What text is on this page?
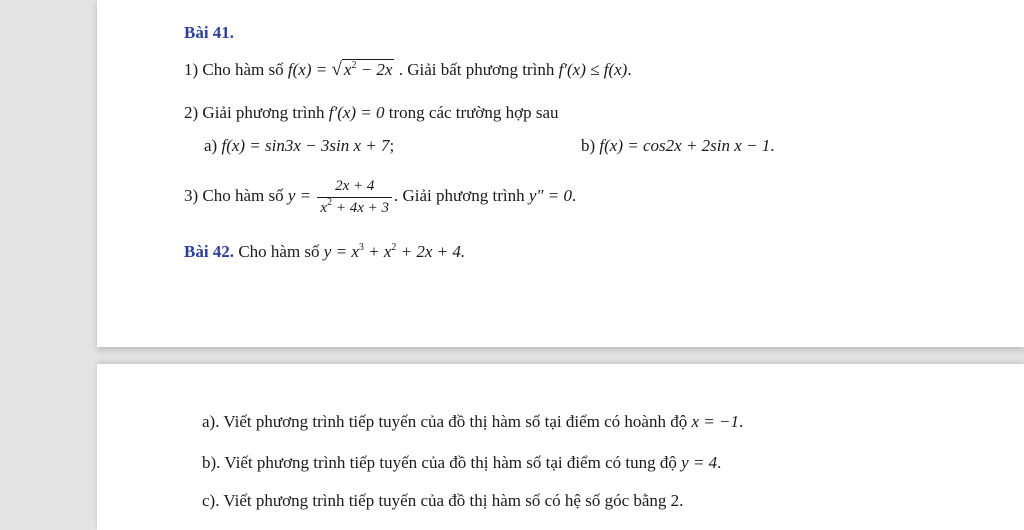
Bài 41.
1) Cho hàm số f(x) = √ $x^2 - 2x$ . Giải bất phương trình f′(x) ≤ f(x).
2) Giải phương trình f′(x) = 0 trong các trường hợp sau
a) f(x) = sin3x − 3sin x + 7;	b) f(x) = cos2x + 2sin x − 1.
3) Cho hàm số $y = \frac{2x + 4}{x^2 + 4x + 3}$ . Giải phương trình y″ = 0.
Bài 42. Cho hàm số $y = x^3 + x^2 + 2x + 4$.
a). Viết phương trình tiếp tuyến của đồ thị hàm số tại điểm có hoành độ x = −1.
b). Viết phương trình tiếp tuyến của đồ thị hàm số tại điểm có tung độ y = 4.
c). Viết phương trình tiếp tuyến của đồ thị hàm số có hệ số góc bằng 2.
